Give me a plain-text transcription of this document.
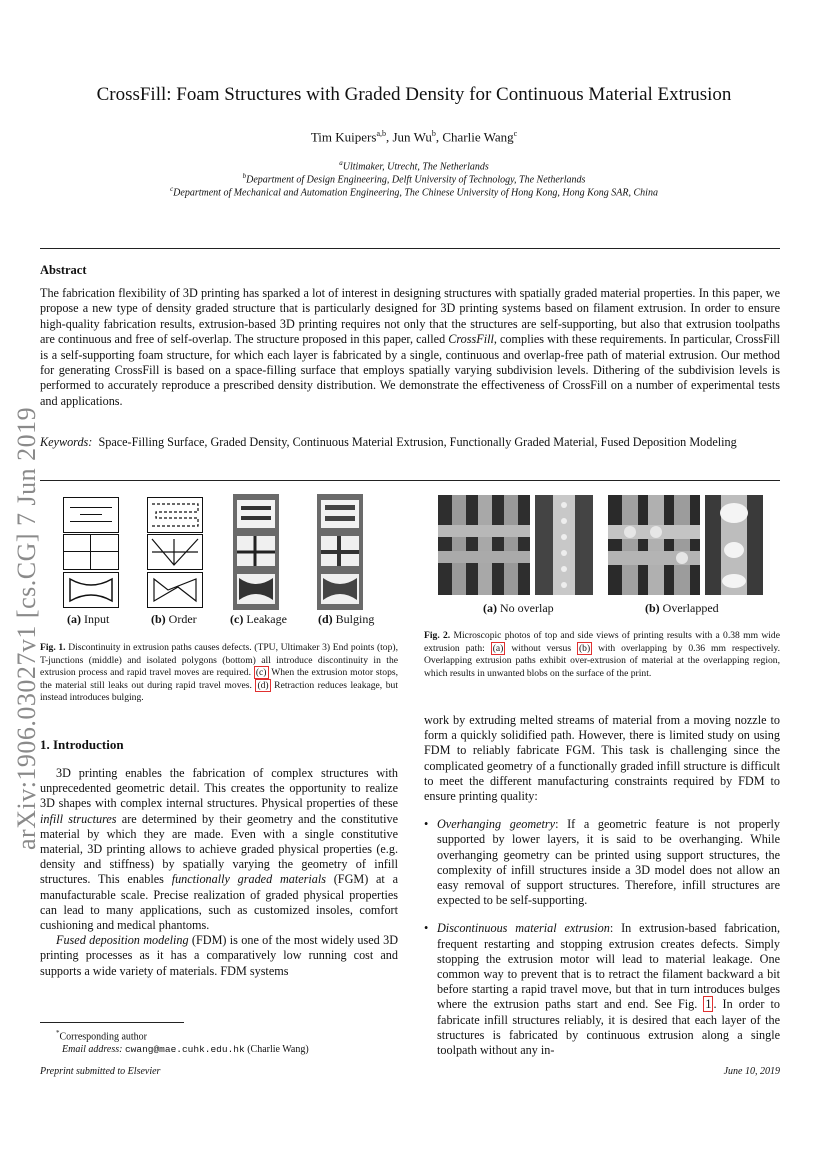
CrossFill: Foam Structures with Graded Density for Continuous Material Extrusion
Tim Kuipers$^{a,b}$, Jun Wu$^b$, Charlie Wang$^c$
$^a$Ultimaker, Utrecht, The Netherlands
$^b$Department of Design Engineering, Delft University of Technology, The Netherlands
$^c$Department of Mechanical and Automation Engineering, The Chinese University of Hong Kong, Hong Kong SAR, China
arXiv:1906.03027v1 [cs.CG] 7 Jun 2019
Abstract
The fabrication flexibility of 3D printing has sparked a lot of interest in designing structures with spatially graded material properties. In this paper, we propose a new type of density graded structure that is particularly designed for 3D printing systems based on filament extrusion. In order to ensure high-quality fabrication results, extrusion-based 3D printing requires not only that the structures are self-supporting, but also that extrusion toolpaths are continuous and free of self-overlap. The structure proposed in this paper, called CrossFill, complies with these requirements. In particular, CrossFill is a self-supporting foam structure, for which each layer is fabricated by a single, continuous and overlap-free path of material extrusion. Our method for generating CrossFill is based on a space-filling surface that employs spatially varying subdivision levels. Dithering of the subdivision levels is performed to accurately reproduce a prescribed density distribution. We demonstrate the effectiveness of CrossFill on a number of experimental tests and applications.
Keywords: Space-Filling Surface, Graded Density, Continuous Material Extrusion, Functionally Graded Material, Fused Deposition Modeling
(a) Input	(b) Order	(c) Leakage	(d) Bulging
Fig. 1. Discontinuity in extrusion paths causes defects. (TPU, Ultimaker 3) End points (top), T-junctions (middle) and isolated polygons (bottom) all introduce discontinuity in the extrusion process and rapid travel moves are required. (c) When the extrusion motor stops, the material still leaks out during rapid travel moves. (d) Retraction reduces leakage, but instead introduces bulging.
(a) No overlap	(b) Overlapped
Fig. 2. Microscopic photos of top and side views of printing results with a 0.38 mm wide extrusion path: (a) without versus (b) with overlapping by 0.36 mm respectively. Overlapping extrusion paths exhibit over-extrusion of material at the overlapping region, which results in unwanted blobs on the surface of the print.
1. Introduction

3D printing enables the fabrication of complex structures with unprecedented geometric detail. This creates the opportunity to realize 3D shapes with complex internal structures. Physical properties of these infill structures are determined by their geometry and the constitutive material by which they are made. Even with a single constitutive material, 3D printing allows to achieve graded physical properties (e.g. density and stiffness) by spatially varying the geometry of infill structures. This enables functionally graded materials (FGM) at a manufacturable scale. Precise realization of graded physical properties can lead to many applications, such as customized insoles, comfort cushioning and medical phantoms.

Fused deposition modeling (FDM) is one of the most widely used 3D printing processes as it has a comparatively low running cost and supports a wide variety of materials. FDM systems

work by extruding melted streams of material from a moving nozzle to form a quickly solidified path. However, there is limited study on using FDM to reliably fabricate FGM. This task is challenging since the complicated geometry of a functionally graded infill structure is difficult to meet the different manufacturing constraints required by FDM to ensure printing quality:

• Overhanging geometry: If a geometric feature is not properly supported by lower layers, it is said to be overhanging. While overhanging geometry can be printed using support structures, the complexity of infill structures inside a 3D model does not allow an easy removal of support structures. Therefore, infill structures are expected to be self-supporting.

• Discontinuous material extrusion: In extrusion-based fabrication, frequent restarting and stopping extrusion creates defects. Simply stopping the extrusion motor will lead to material leakage. One common way to prevent that is to retract the filament backward a bit before starting a rapid travel move, but that in turn introduces bulges where the extrusion paths start and end. See Fig. 1 . In order to fabricate infill structures reliably, it is desired that each layer of the structures is fabricated by continuous extrusion along a single toolpath without any in-

*Corresponding author
Email address: cwang@mae.cuhk.edu.hk (Charlie Wang)
Preprint submitted to Elsevier	June 10, 2019
